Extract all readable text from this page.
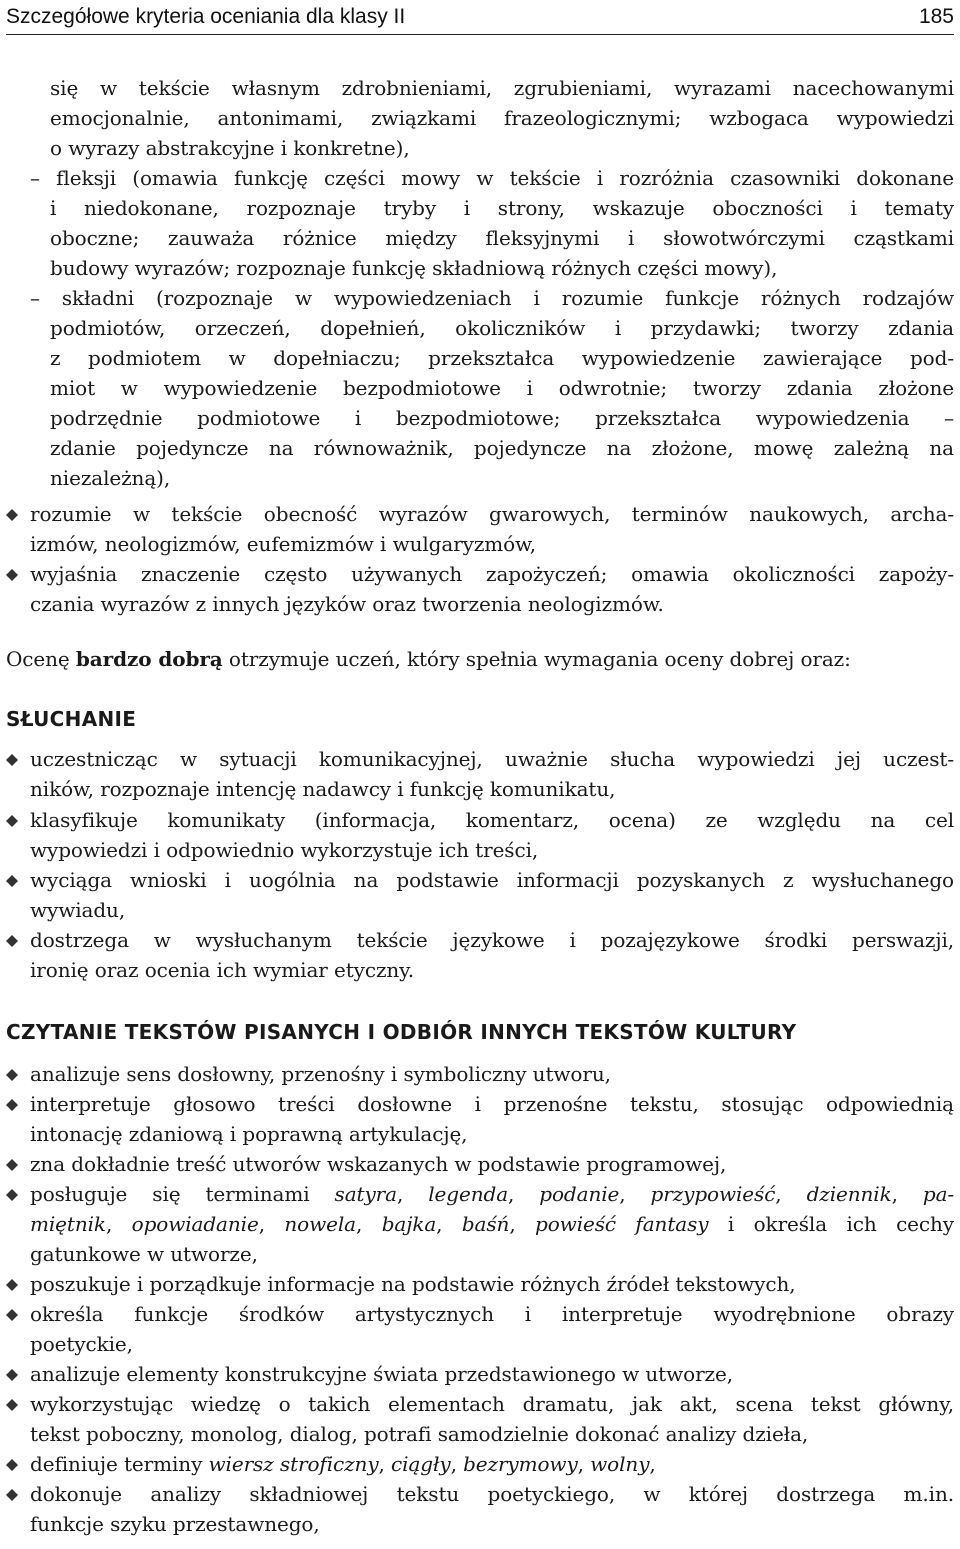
Szczegółowe kryteria oceniania dla klasy II	185
się w tekście własnym zdrobnieniami, zgrubieniami, wyrazami nacechowanymi
emocjonalnie, antonimami, związkami frazeologicznymi; wzbogaca wypowiedzi
o wyrazy abstrakcyjne i konkretne),
– fleksji (omawia funkcję części mowy w tekście i rozróżnia czasowniki dokonane
i niedokonane, rozpoznaje tryby i strony, wskazuje oboczności i tematy
oboczne; zauważa różnice między fleksyjnymi i słowotwórczymi cząstkami
budowy wyrazów; rozpoznaje funkcję składniową różnych części mowy),
– składni (rozpoznaje w wypowiedzeniach i rozumie funkcje różnych rodzajów
podmiotów, orzeczeń, dopełnień, okoliczników i przydawki; tworzy zdania
z podmiotem w dopełniaczu; przekształca wypowiedzenie zawierające pod-
miot w wypowiedzenie bezpodmiotowe i odwrotnie; tworzy zdania złożone
podrzędnie podmiotowe i bezpodmiotowe; przekształca wypowiedzenia –
zdanie pojedyncze na równoważnik, pojedyncze na złożone, mowę zależną na
niezależną),
rozumie w tekście obecność wyrazów gwarowych, terminów naukowych, archa-
izmów, neologizmów, eufemizmów i wulgaryzmów,
wyjaśnia znaczenie często używanych zapożyczeń; omawia okoliczności zapoży-
czania wyrazów z innych języków oraz tworzenia neologizmów.
Ocenę bardzo dobrą otrzymuje uczeń, który spełnia wymagania oceny dobrej oraz:
SŁUCHANIE
uczestnicząc w sytuacji komunikacyjnej, uważnie słucha wypowiedzi jej uczest-
ników, rozpoznaje intencję nadawcy i funkcję komunikatu,
klasyfikuje komunikaty (informacja, komentarz, ocena) ze względu na cel
wypowiedzi i odpowiednio wykorzystuje ich treści,
wyciąga wnioski i uogólnia na podstawie informacji pozyskanych z wysłuchanego
wywiadu,
dostrzega w wysłuchanym tekście językowe i pozajęzykowe środki perswazji,
ironię oraz ocenia ich wymiar etyczny.
CZYTANIE TEKSTÓW PISANYCH I ODBIÓR INNYCH TEKSTÓW KULTURY
analizuje sens dosłowny, przenośny i symboliczny utworu,
interpretuje głosowo treści dosłowne i przenośne tekstu, stosując odpowiednią
intonację zdaniową i poprawną artykulację,
zna dokładnie treść utworów wskazanych w podstawie programowej,
posługuje się terminami satyra, legenda, podanie, przypowieść, dziennik, pa-
miętnik, opowiadanie, nowela, bajka, baśń, powieść fantasy i określa ich cechy
gatunkowe w utworze,
poszukuje i porządkuje informacje na podstawie różnych źródeł tekstowych,
określa funkcje środków artystycznych i interpretuje wyodrębnione obrazy
poetyckie,
analizuje elementy konstrukcyjne świata przedstawionego w utworze,
wykorzystując wiedzę o takich elementach dramatu, jak akt, scena tekst główny,
tekst poboczny, monolog, dialog, potrafi samodzielnie dokonać analizy dzieła,
definiuje terminy wiersz stroficzny, ciągły, bezrymowy, wolny,
dokonuje analizy składniowej tekstu poetyckiego, w której dostrzega m.in.
funkcje szyku przestawnego,
